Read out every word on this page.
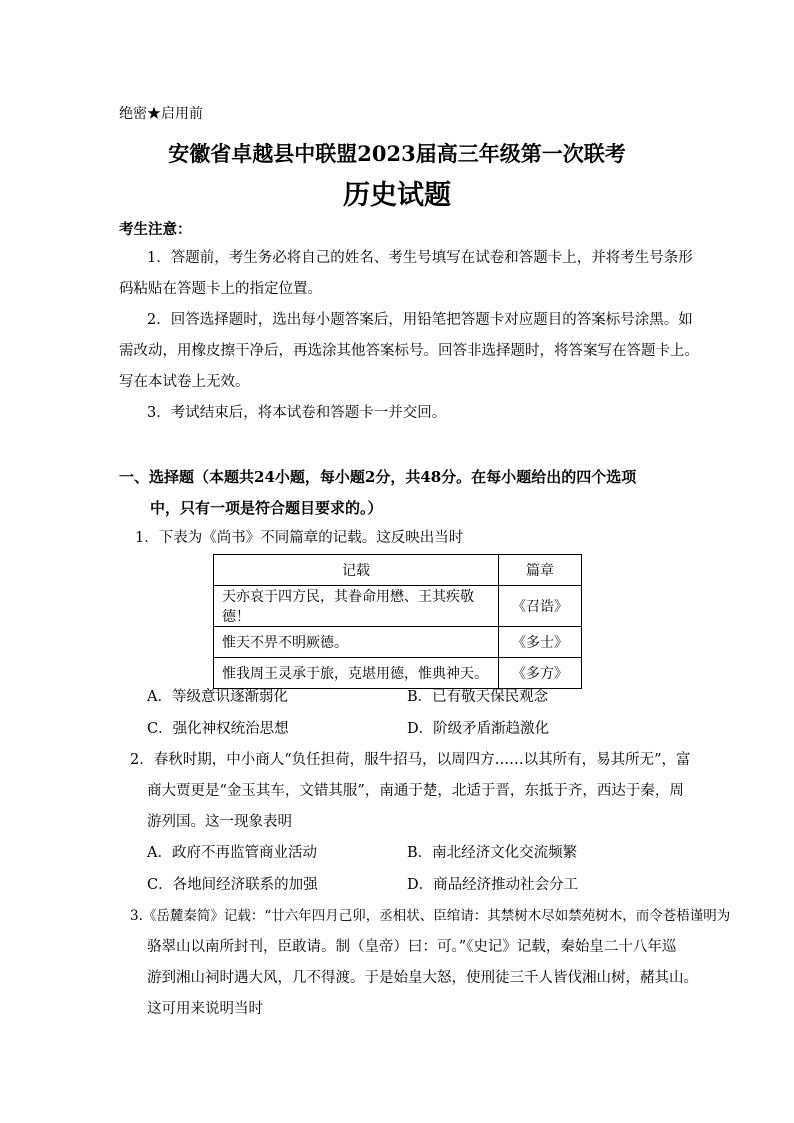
绝密★启用前
安徽省卓越县中联盟2023届高三年级第一次联考
历史试题
考生注意：
1．答题前，考生务必将自己的姓名、考生号填写在试卷和答题卡上，并将考生号条形
码粘贴在答题卡上的指定位置。
2．回答选择题时，选出每小题答案后，用铅笔把答题卡对应题目的答案标号涂黑。如
需改动，用橡皮擦干净后，再选涂其他答案标号。回答非选择题时，将答案写在答题卡上。
写在本试卷上无效。
3．考试结束后，将本试卷和答题卡一并交回。
一、选择题（本题共24小题，每小题2分，共48分。在每小题给出的四个选项
中，只有一项是符合题目要求的。）
1．下表为《尚书》不同篇章的记载。这反映出当时
记载	篇章
天亦哀于四方民，其眷命用懋、王其疾敬德！	《召诰》
惟天不畀不明厥德。	《多士》
惟我周王灵承于旅，克堪用德，惟典神天。	《多方》
A．等级意识逐渐弱化	B．已有敬天保民观念
C．强化神权统治思想	D．阶级矛盾渐趋激化
2．春秋时期，中小商人“负任担荷，服牛招马，以周四方……以其所有，易其所无”，富
商大贾更是“金玉其车，文错其服”，南通于楚，北适于晋，东抵于齐，西达于秦，周
游列国。这一现象表明
A．政府不再监管商业活动	B．南北经济文化交流频繁
C．各地间经济联系的加强	D．商品经济推动社会分工
3.《岳麓秦简》记载：“廿六年四月己卯，丞相状、臣绾请：其禁树木尽如禁苑树木，而令苍梧谨明为
骆翠山以南所封刊，臣敢请。制（皇帝）曰：可。”《史记》记载，秦始皇二十八年巡
游到湘山祠时遇大风，几不得渡。于是始皇大怒，使刑徒三千人皆伐湘山树，赭其山。
这可用来说明当时
